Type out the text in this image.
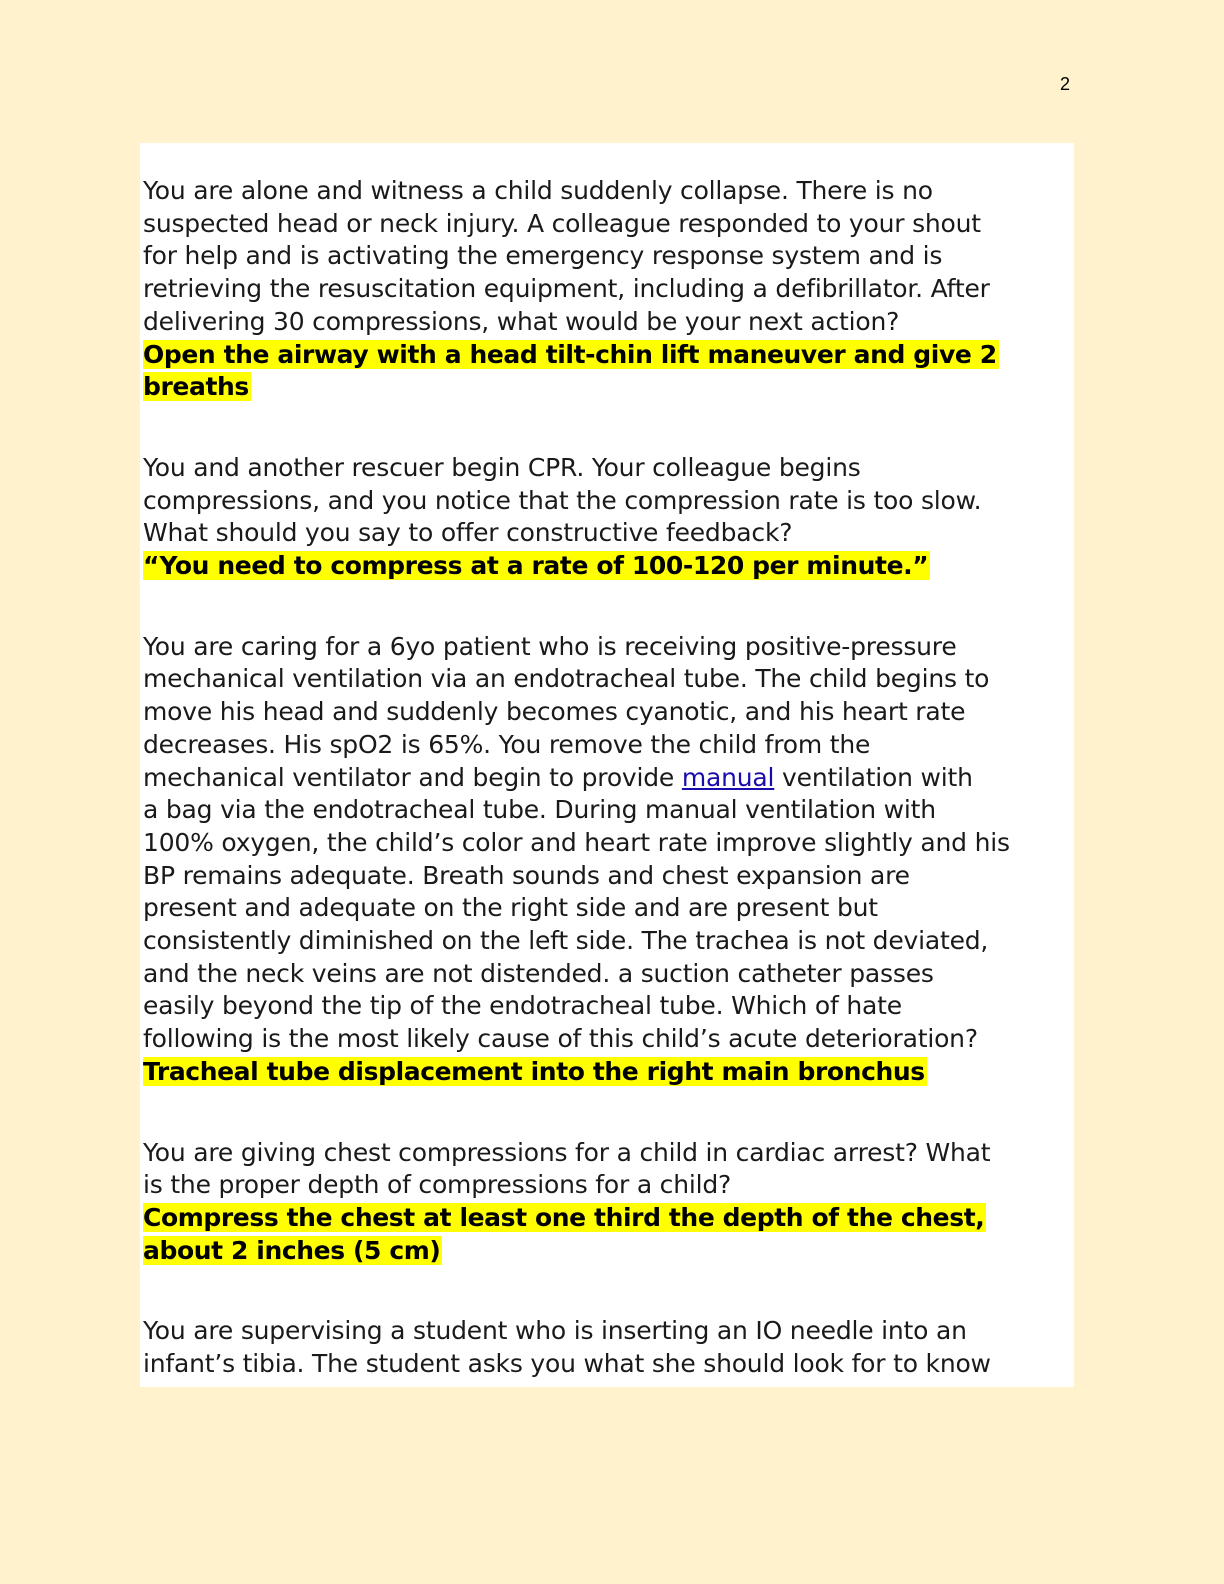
2

You are alone and witness a child suddenly collapse. There is no

suspected head or neck injury. A colleague responded to your shout

for help and is activating the emergency response system and is

retrieving the resuscitation equipment, including a defibrillator. After

delivering 30 compressions, what would be your next action?

Open the airway with a head tilt-chin lift maneuver and give 2

breaths

You and another rescuer begin CPR. Your colleague begins

compressions, and you notice that the compression rate is too slow.

What should you say to offer constructive feedback?

“You need to compress at a rate of 100-120 per minute.”

You are caring for a 6yo patient who is receiving positive-pressure

mechanical ventilation via an endotracheal tube. The child begins to

move his head and suddenly becomes cyanotic, and his heart rate

decreases. His spO2 is 65%. You remove the child from the

mechanical ventilator and begin to provide manual ventilation with

a bag via the endotracheal tube. During manual ventilation with

100% oxygen, the child’s color and heart rate improve slightly and his

BP remains adequate. Breath sounds and chest expansion are

present and adequate on the right side and are present but

consistently diminished on the left side. The trachea is not deviated,

and the neck veins are not distended. a suction catheter passes

easily beyond the tip of the endotracheal tube. Which of hate

following is the most likely cause of this child’s acute deterioration?

Tracheal tube displacement into the right main bronchus

You are giving chest compressions for a child in cardiac arrest? What

is the proper depth of compressions for a child?

Compress the chest at least one third the depth of the chest,

about 2 inches (5 cm)

You are supervising a student who is inserting an IO needle into an

infant’s tibia. The student asks you what she should look for to know
